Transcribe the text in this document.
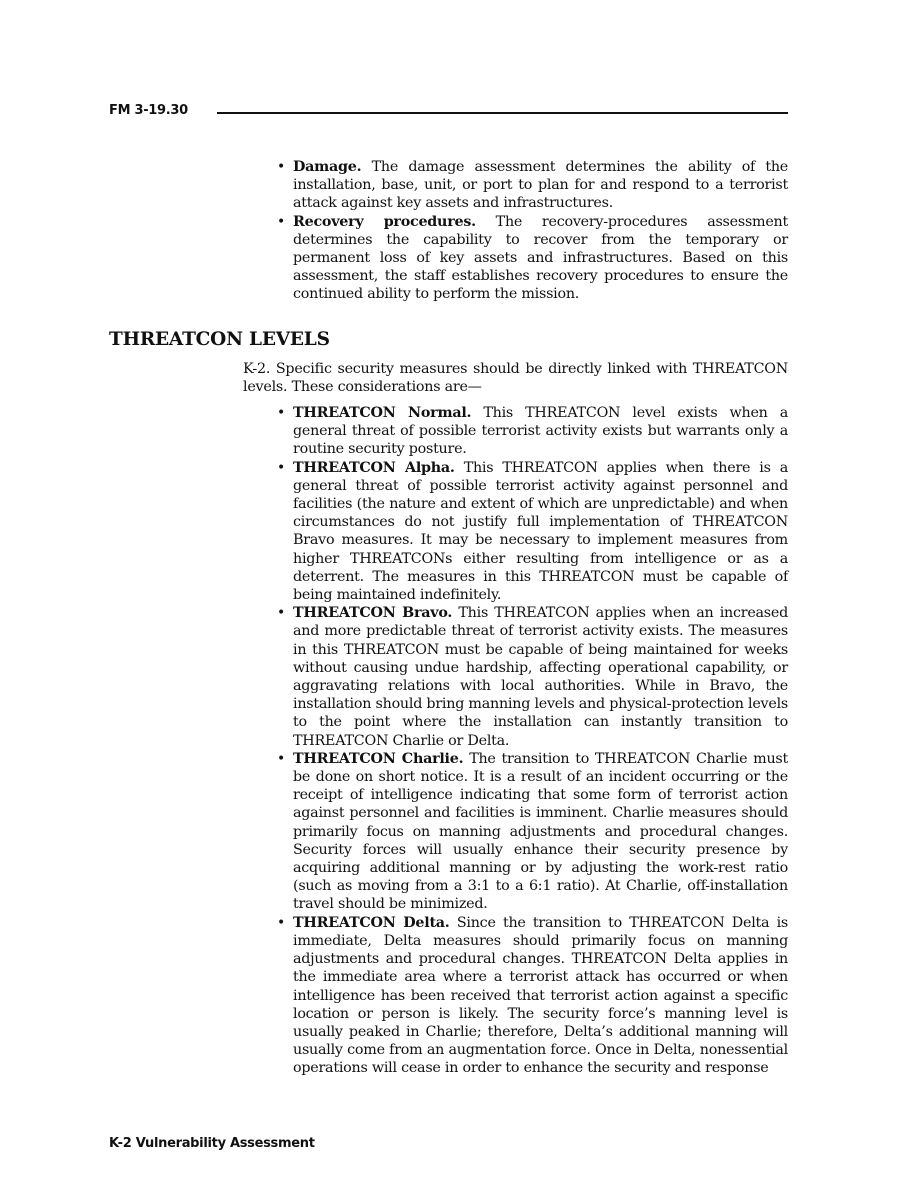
FM 3-19.30
• Damage. The damage assessment determines the ability of the installation, base, unit, or port to plan for and respond to a terrorist attack against key assets and infrastructures.
• Recovery procedures. The recovery-procedures assessment determines the capability to recover from the temporary or permanent loss of key assets and infrastructures. Based on this assessment, the staff establishes recovery procedures to ensure the continued ability to perform the mission.
THREATCON LEVELS

K-2. Specific security measures should be directly linked with THREATCON levels. These considerations are—

• THREATCON Normal. This THREATCON level exists when a general threat of possible terrorist activity exists but warrants only a routine security posture.
• THREATCON Alpha. This THREATCON applies when there is a general threat of possible terrorist activity against personnel and facilities (the nature and extent of which are unpredictable) and when circumstances do not justify full implementation of THREATCON Bravo measures. It may be necessary to implement measures from higher THREATCONs either resulting from intelligence or as a deterrent. The measures in this THREATCON must be capable of being maintained indefinitely.
• THREATCON Bravo. This THREATCON applies when an increased and more predictable threat of terrorist activity exists. The measures in this THREATCON must be capable of being maintained for weeks without causing undue hardship, affecting operational capability, or aggravating relations with local authorities. While in Bravo, the installation should bring manning levels and physical-protection levels to the point where the installation can instantly transition to THREATCON Charlie or Delta.
• THREATCON Charlie. The transition to THREATCON Charlie must be done on short notice. It is a result of an incident occurring or the receipt of intelligence indicating that some form of terrorist action against personnel and facilities is imminent. Charlie measures should primarily focus on manning adjustments and procedural changes. Security forces will usually enhance their security presence by acquiring additional manning or by adjusting the work-rest ratio (such as moving from a 3:1 to a 6:1 ratio). At Charlie, off-installation travel should be minimized.
• THREATCON Delta. Since the transition to THREATCON Delta is immediate, Delta measures should primarily focus on manning adjustments and procedural changes. THREATCON Delta applies in the immediate area where a terrorist attack has occurred or when intelligence has been received that terrorist action against a specific location or person is likely. The security force’s manning level is usually peaked in Charlie; therefore, Delta’s additional manning will usually come from an augmentation force. Once in Delta, nonessential operations will cease in order to enhance the security and response
K-2 Vulnerability Assessment
